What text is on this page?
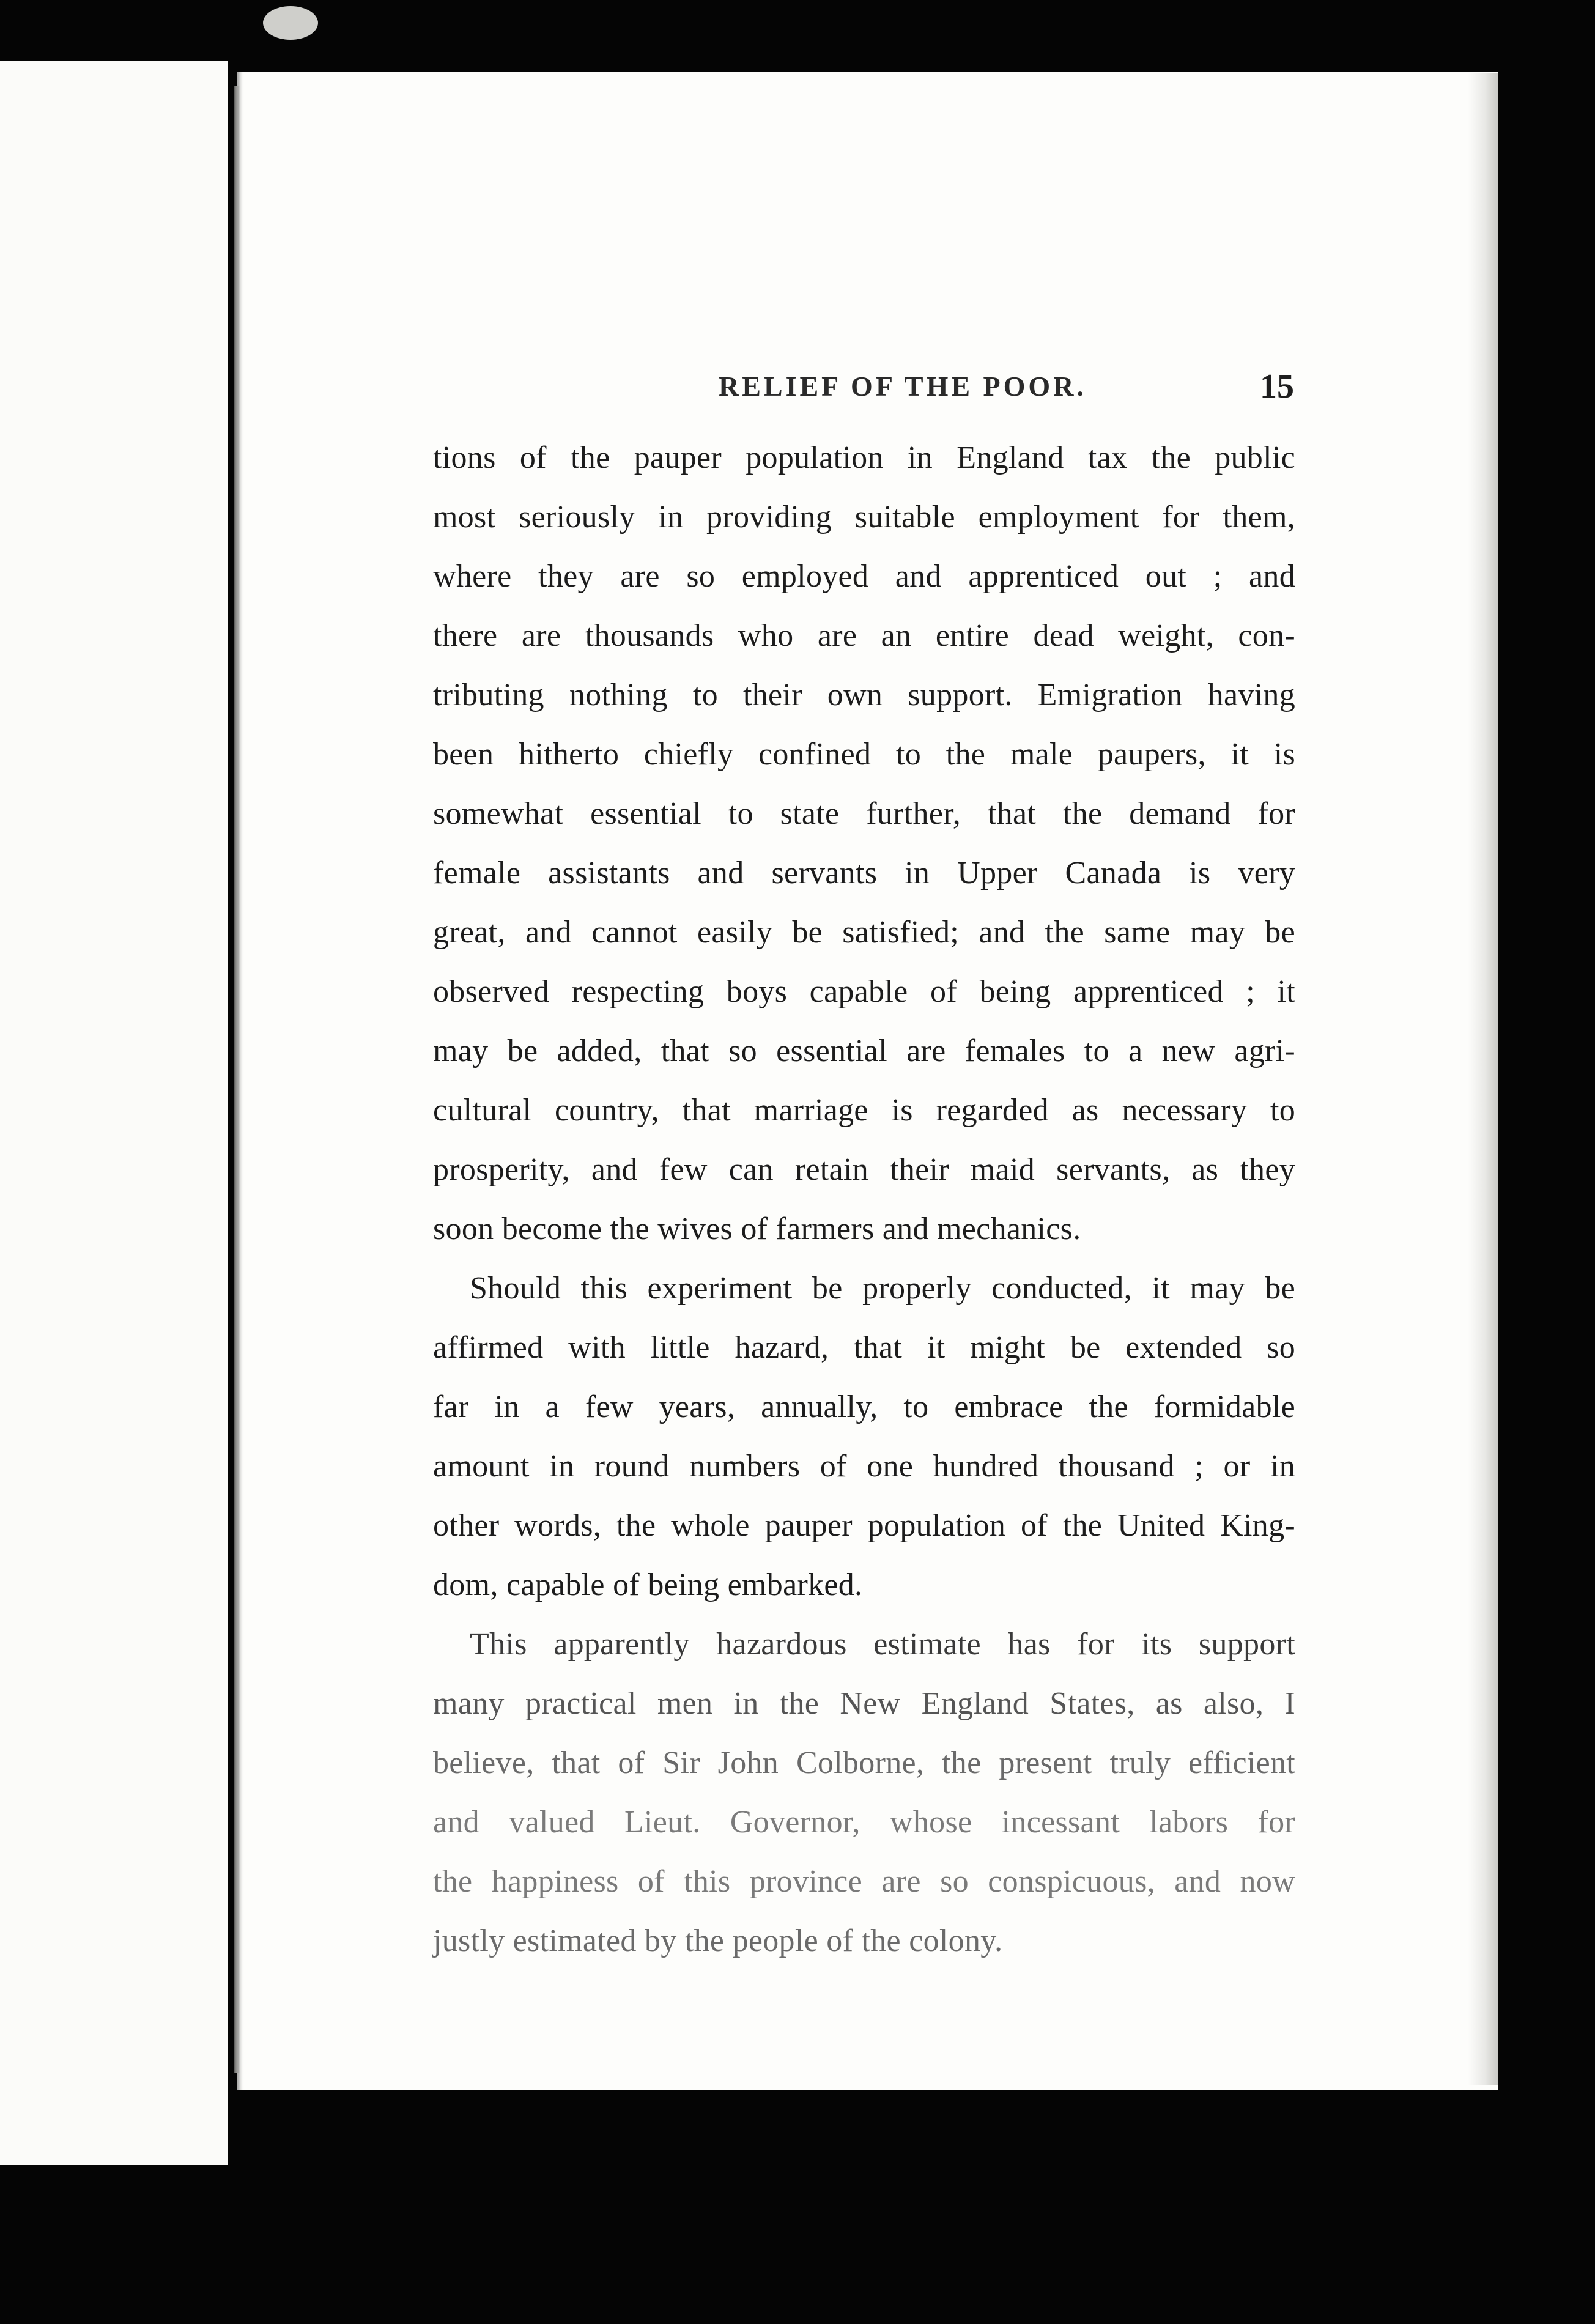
RELIEF OF THE POOR.	15
tions of the pauper population in England tax the public
most seriously in providing suitable employment for them,
where they are so employed and apprenticed out ; and
there are thousands who are an entire dead weight, con-
tributing nothing to their own support. Emigration having
been hitherto chiefly confined to the male paupers, it is
somewhat essential to state further, that the demand for
female assistants and servants in Upper Canada is very
great, and cannot easily be satisfied; and the same may be
observed respecting boys capable of being apprenticed ; it
may be added, that so essential are females to a new agri-
cultural country, that marriage is regarded as necessary to
prosperity, and few can retain their maid servants, as they
soon become the wives of farmers and mechanics.
Should this experiment be properly conducted, it may be
affirmed with little hazard, that it might be extended so
far in a few years, annually, to embrace the formidable
amount in round numbers of one hundred thousand ; or in
other words, the whole pauper population of the United King-
dom, capable of being embarked.
This apparently hazardous estimate has for its support
many practical men in the New England States, as also, I
believe, that of Sir John Colborne, the present truly efficient
and valued Lieut. Governor, whose incessant labors for
the happiness of this province are so conspicuous, and now
justly estimated by the people of the colony.
